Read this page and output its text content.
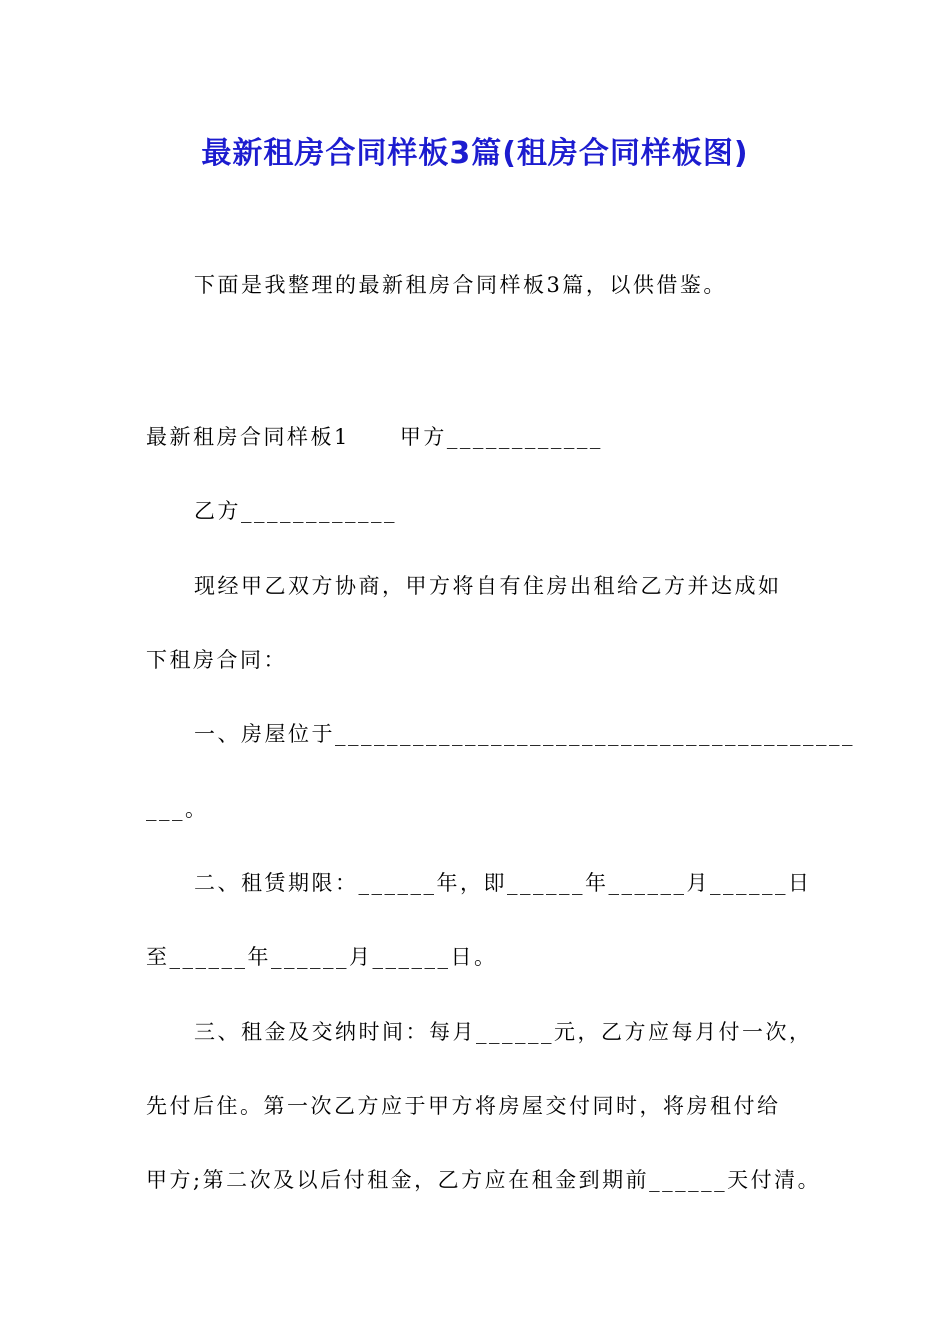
最新租房合同样板3篇(租房合同样板图)
下面是我整理的最新租房合同样板3篇，以供借鉴。
最新租房合同样板1 甲方____________
乙方____________
现经甲乙双方协商，甲方将自有住房出租给乙方并达成如
下租房合同：
一、房屋位于________________________________________
___。
二、租赁期限：______年，即______年______月______日
至______年______月______日。
三、租金及交纳时间：每月______元，乙方应每月付一次，
先付后住。第一次乙方应于甲方将房屋交付同时，将房租付给
甲方;第二次及以后付租金，乙方应在租金到期前______天付清。
